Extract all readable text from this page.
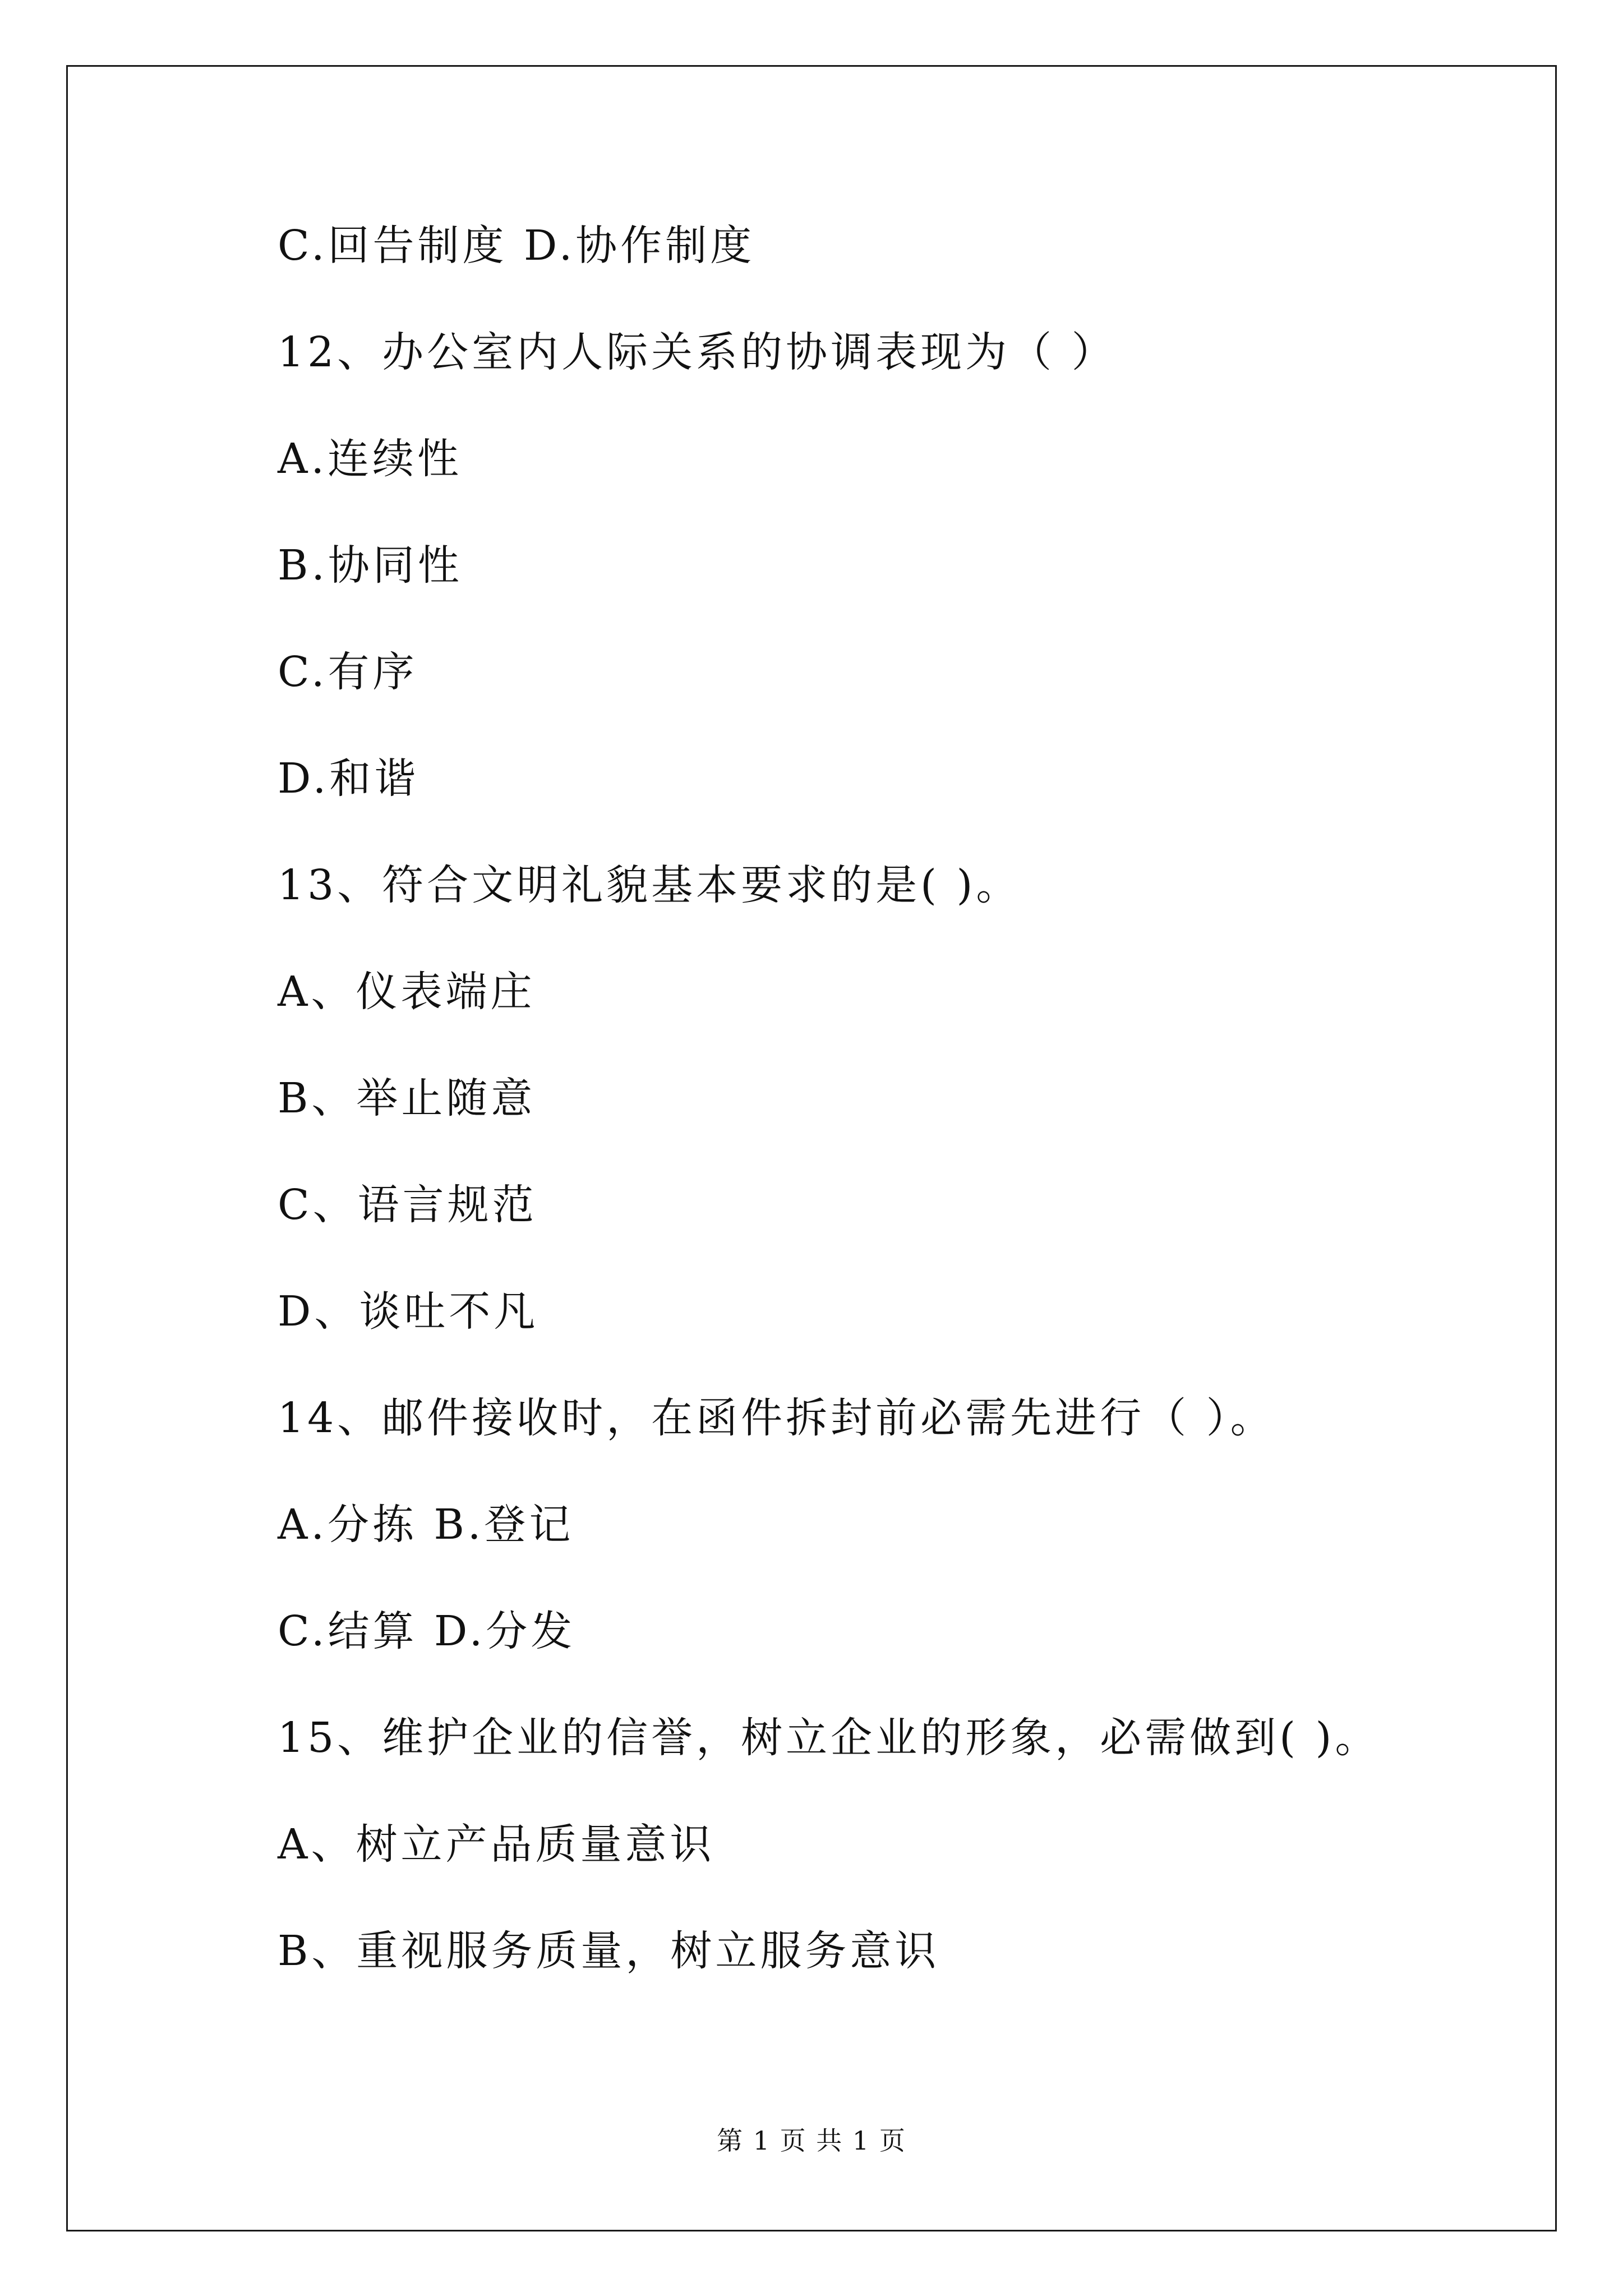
C.回告制度 D.协作制度
12、办公室内人际关系的协调表现为（ ）
A.连续性
B.协同性
C.有序
D.和谐
13、符合文明礼貌基本要求的是( )。
A、仪表端庄
B、举止随意
C、语言规范
D、谈吐不凡
14、邮件接收时，在函件拆封前必需先进行（ ）。
A.分拣 B.登记
C.结算 D.分发
15、维护企业的信誉，树立企业的形象，必需做到( )。
A、树立产品质量意识
B、重视服务质量，树立服务意识
第 1 页 共 1 页
